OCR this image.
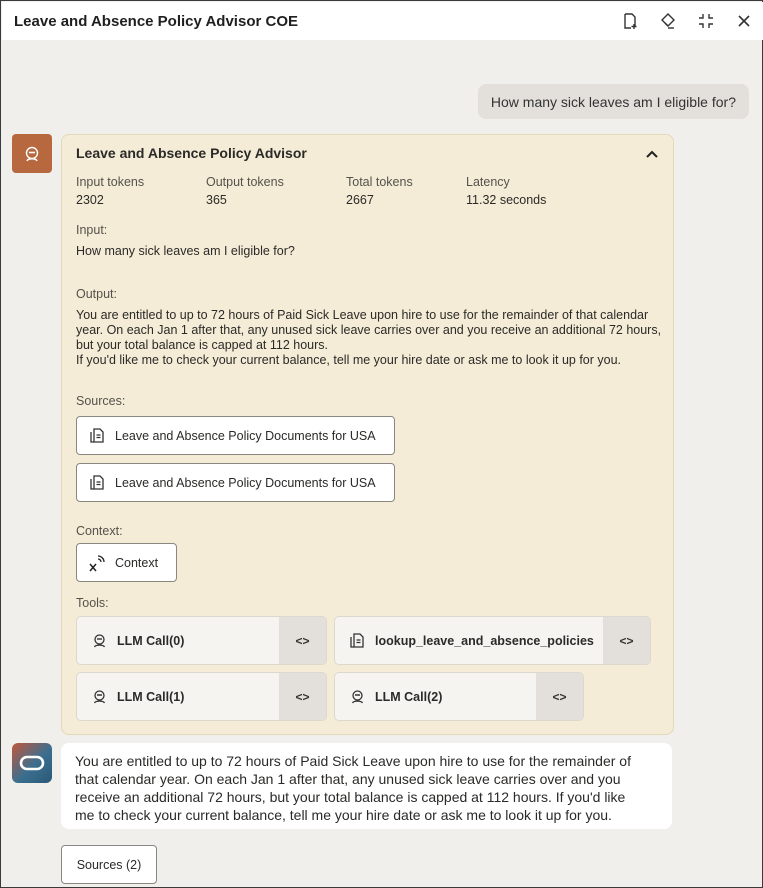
Leave and Absence Policy Advisor COE
How many sick leaves am I eligible for?
Leave and Absence Policy Advisor
Input tokens
2302
Output tokens
365
Total tokens
2667
Latency
11.32 seconds
Input:
How many sick leaves am I eligible for?
Output:
You are entitled to up to 72 hours of Paid Sick Leave upon hire to use for the remainder of that calendar
year. On each Jan 1 after that, any unused sick leave carries over and you receive an additional 72 hours,
but your total balance is capped at 112 hours.
If you'd like me to check your current balance, tell me your hire date or ask me to look it up for you.
Sources:
Leave and Absence Policy Documents for USA
Leave and Absence Policy Documents for USA
Context:
Context
Tools:
LLM Call(0)	<>	lookup_leave_and_absence_policies	<>
LLM Call(1)	<>	LLM Call(2)	<>
You are entitled to up to 72 hours of Paid Sick Leave upon hire to use for the remainder of
that calendar year. On each Jan 1 after that, any unused sick leave carries over and you
receive an additional 72 hours, but your total balance is capped at 112 hours. If you'd like
me to check your current balance, tell me your hire date or ask me to look it up for you.
Sources (2)
